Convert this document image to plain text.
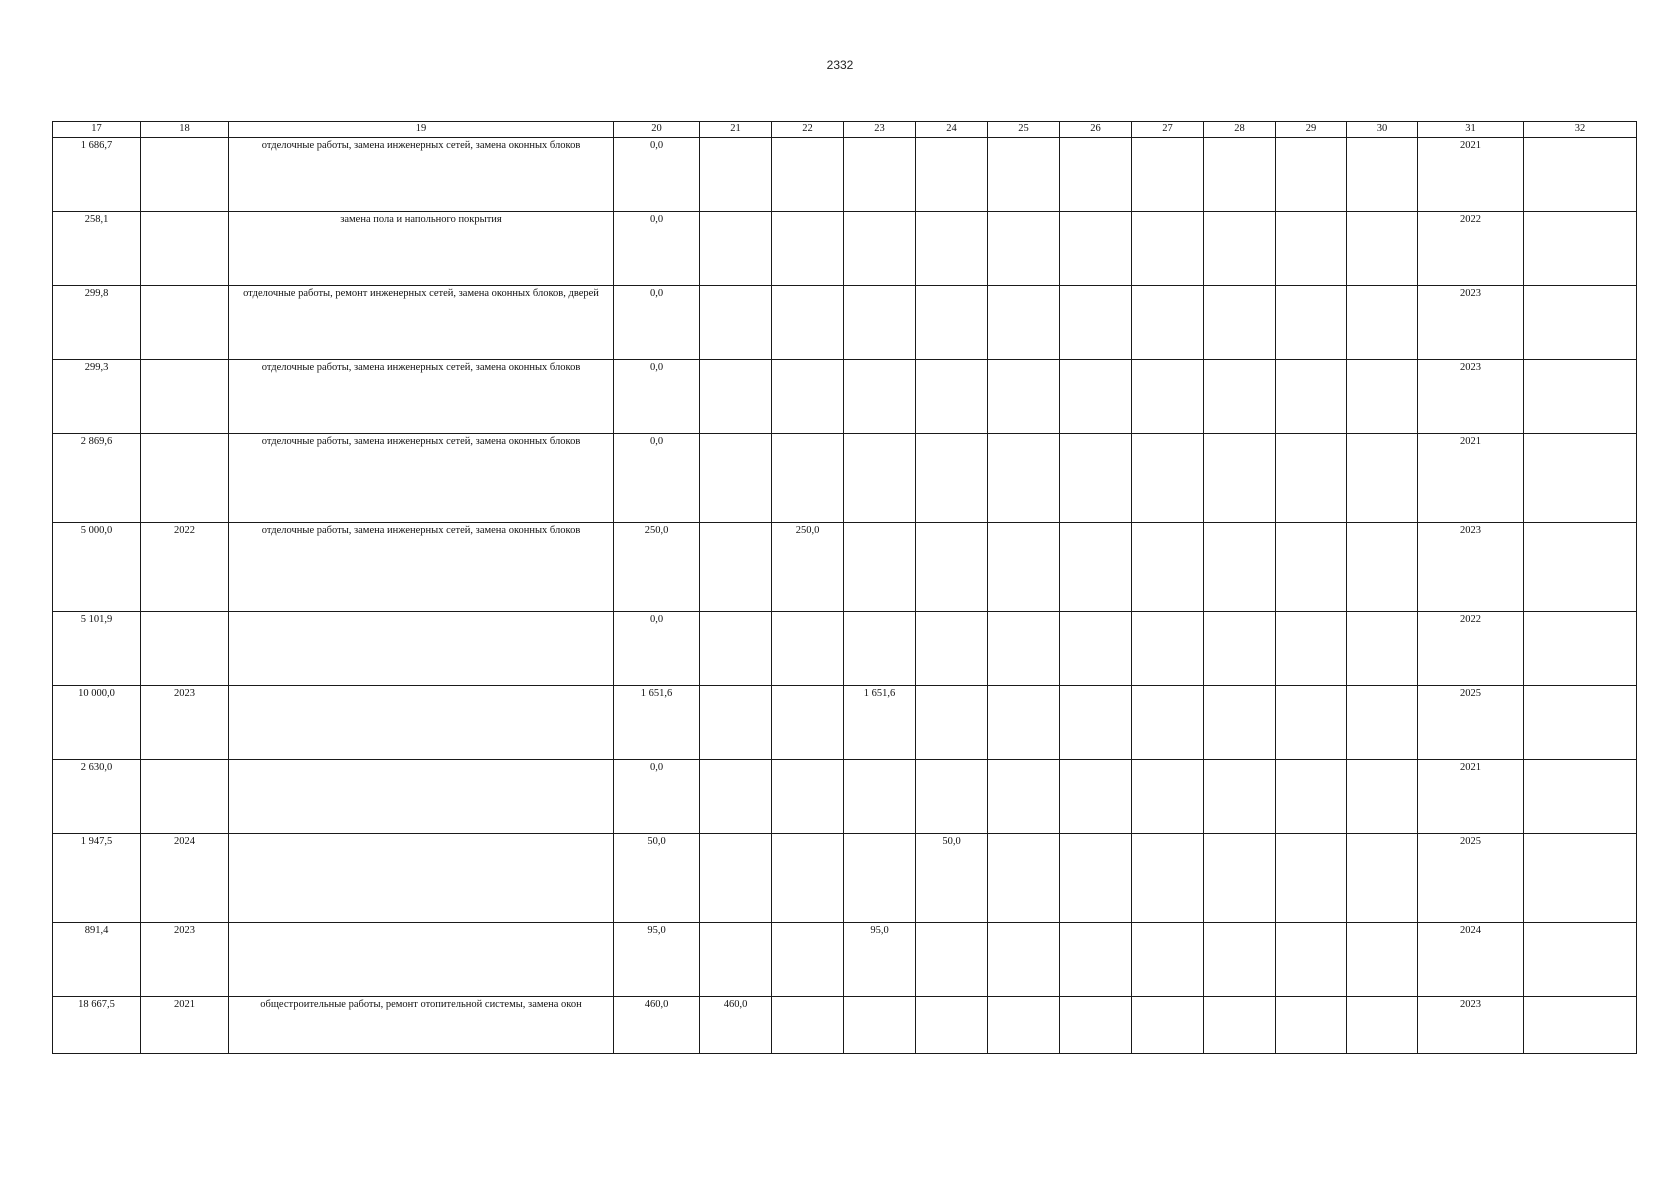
2332
17	18	19	20	21	22	23	24	25	26	27	28	29	30	31	32
1 686,7		отделочные работы, замена инженерных сетей, замена оконных блоков	0,0											2021	
258,1		замена пола и напольного покрытия	0,0											2022	
299,8		отделочные работы, ремонт инженерных сетей, замена оконных блоков, дверей	0,0											2023	
299,3		отделочные работы, замена инженерных сетей, замена оконных блоков	0,0											2023	
2 869,6		отделочные работы, замена инженерных сетей, замена оконных блоков	0,0											2021	
5 000,0	2022	отделочные работы, замена инженерных сетей, замена оконных блоков	250,0		250,0									2023	
5 101,9			0,0											2022	
10 000,0	2023		1 651,6			1 651,6								2025	
2 630,0			0,0											2021	
1 947,5	2024		50,0				50,0							2025	
891,4	2023		95,0			95,0								2024	
18 667,5	2021	общестроительные работы, ремонт отопительной системы, замена окон	460,0	460,0										2023	
